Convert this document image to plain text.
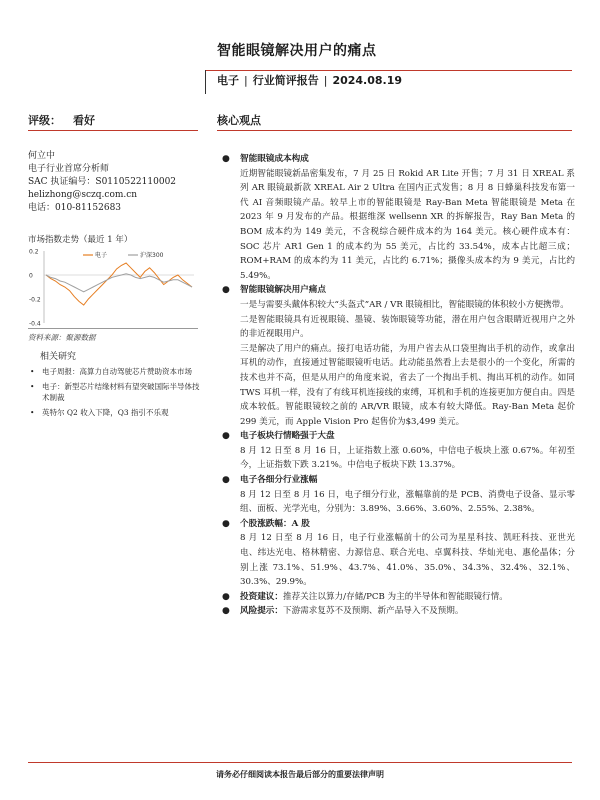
智能眼镜解决用户的痛点
电子 | 行业简评报告 | 2024.08.19
评级： 看好	核心观点
何立中
电子行业首席分析师
SAC 执证编号：S0110522110002
helizhong@sczq.com.cn
电话：010-81152683
市场指数走势（最近 1 年）
0.2
0
-0.2
-0.4
电子	沪深300
资料来源：聚源数据
相关研究
• 电子周报：高算力自动驾驶芯片赞助资本市场
• 电子：新型芯片结缘材料有望突破国际半导体技术制裁
• 英特尔 Q2 收入下降，Q3 指引不乐观
● 智能眼镜成本构成

近期智能眼镜新品密集发布，7 月 25 日 Rokid AR Lite 开售；7 月 31 日 XREAL 系列 AR 眼镜最新款 XREAL Air 2 Ultra 在国内正式发售；8 月 8 日蜂巢科技发布第一代 AI 音频眼镜产品。较早上市的智能眼镜是 Ray-Ban Meta 智能眼镜是 Meta 在 2023 年 9 月发布的产品。根据维深 wellsenn XR 的拆解报告，Ray Ban Meta 的 BOM 成本约为 149 美元，不含税综合硬件成本约为 164 美元。核心硬件成本有：SOC 芯片 AR1 Gen 1 的成本约为 55 美元，占比约 33.54%，成本占比超三成；ROM+RAM 的成本约为 11 美元，占比约 6.71%；摄像头成本约为 9 美元，占比约 5.49%。

● 智能眼镜解决用户痛点

一是与需要头戴体积较大“头盔式”AR / VR 眼镜相比，智能眼镜的体积较小方便携带。

二是智能眼镜具有近视眼镜、墨镜、装饰眼镜等功能，潜在用户包含眼睛近视用户之外的非近视眼用户。

三是解决了用户的痛点。接打电话功能，为用户省去从口袋里掏出手机的动作，或拿出耳机的动作，直接通过智能眼镜听电话。此动能虽然看上去是很小的一个变化，所需的技术也并不高，但是从用户的角度来说，省去了一个掏出手机、掏出耳机的动作。如同 TWS 耳机一样，没有了有线耳机连接线的束缚，耳机和手机的连接更加方便自由。四是成本较低。智能眼镜较之前的 AR/VR 眼镜，成本有较大降低。Ray-Ban Meta 起价 299 美元，而 Apple Vision Pro 起售价为$3,499 美元。

● 电子板块行情略强于大盘

8 月 12 日至 8 月 16 日，上证指数上涨 0.60%，中信电子板块上涨 0.67%。年初至今，上证指数下跌 3.21%。中信电子板块下跌 13.37%。

● 电子各细分行业涨幅

8 月 12 日至 8 月 16 日，电子细分行业，涨幅靠前的是 PCB、消费电子设备、显示零组、面板、光学光电，分别为：3.89%、3.66%、3.60%、2.55%、2.38%。

● 个股涨跌幅：A 股

8 月 12 日至 8 月 16 日，电子行业涨幅前十的公司为星星科技、凯旺科技、亚世光电、纬达光电、格林精密、力源信息、联合光电、卓翼科技、华灿光电、惠伦晶体；分别上涨 73.1%、51.9%、43.7%、41.0%、35.0%、34.3%、32.4%、32.1%、30.3%、29.9%。

● 投资建议：推荐关注以算力/存储/PCB 为主的半导体和智能眼镜行情。
● 风险提示：下游需求复苏不及预期、新产品导入不及预期。
请务必仔细阅读本报告最后部分的重要法律声明
